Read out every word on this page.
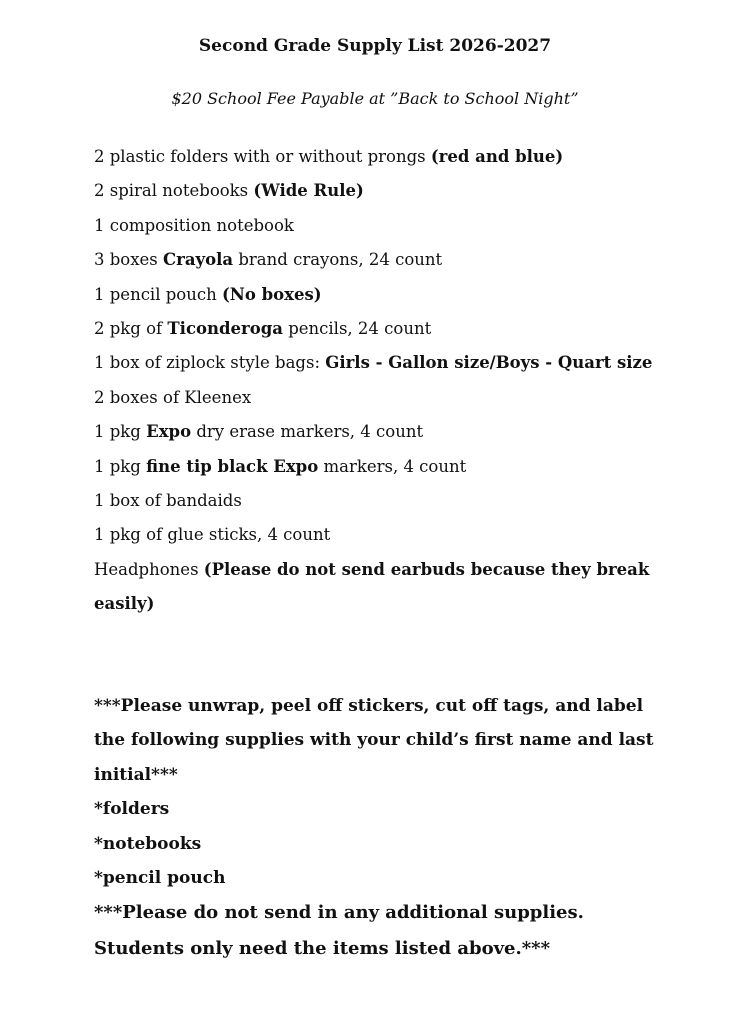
Second Grade Supply List 2026-2027

$20 School Fee Payable at ”Back to School Night”

2 plastic folders with or without prongs (red and blue)
2 spiral notebooks (Wide Rule)
1 composition notebook
3 boxes Crayola brand crayons, 24 count
1 pencil pouch (No boxes)
2 pkg of Ticonderoga pencils, 24 count
1 box of ziplock style bags: Girls - Gallon size/Boys - Quart size
2 boxes of Kleenex
1 pkg Expo dry erase markers, 4 count
1 pkg fine tip black Expo markers, 4 count
1 box of bandaids
1 pkg of glue sticks, 4 count
Headphones (Please do not send earbuds because they break easily)

***Please unwrap, peel off stickers, cut off tags, and label the following supplies with your child’s first name and last initial***

*folders

*notebooks

*pencil pouch

***Please do not send in any additional supplies. Students only need the items listed above.***
